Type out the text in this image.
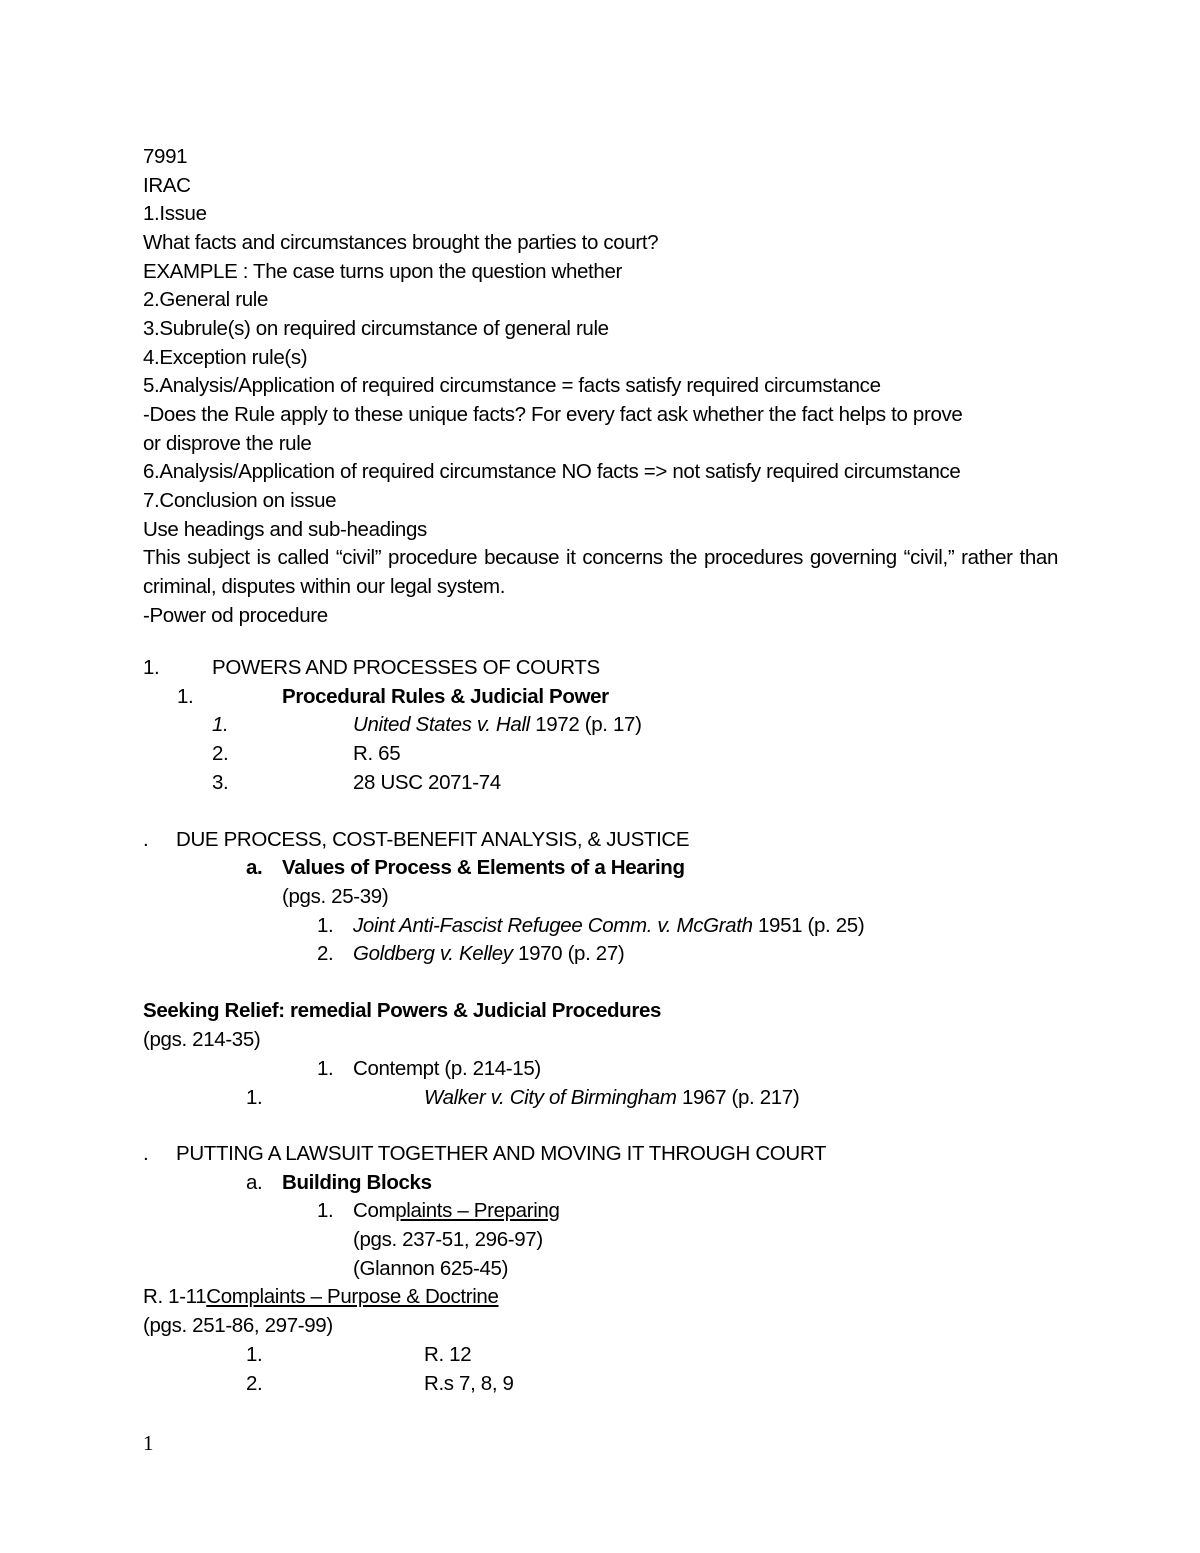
7991
IRAC
1.Issue
What facts and circumstances brought the parties to court?
EXAMPLE : The case turns upon the question whether
2.General rule
3.Subrule(s) on required circumstance of general rule
4.Exception rule(s)
5.Analysis/Application of required circumstance = facts satisfy required circumstance
-Does the Rule apply to these unique facts? For every fact ask whether the fact helps to prove
or disprove the rule
6.Analysis/Application of required circumstance NO facts => not satisfy required circumstance
7.Conclusion on issue
Use headings and sub-headings
This subject is called “civil” procedure because it concerns the procedures governing “civil,” rather than criminal, disputes within our legal system.
-Power od procedure
1.	POWERS AND PROCESSES OF COURTS
1.	Procedural Rules & Judicial Power
1.	United States v. Hall 1972 (p. 17)
2.	R. 65
3.	28 USC 2071-74
. DUE PROCESS, COST-BENEFIT ANALYSIS, & JUSTICE
a. Values of Process & Elements of a Hearing
(pgs. 25-39)
1. Joint Anti-Fascist Refugee Comm. v. McGrath 1951 (p. 25)
2. Goldberg v. Kelley 1970 (p. 27)
Seeking Relief: remedial Powers & Judicial Procedures
(pgs. 214-35)
1. Contempt (p. 214-15)
1.	Walker v. City of Birmingham 1967 (p. 217)
. PUTTING A LAWSUIT TOGETHER AND MOVING IT THROUGH COURT
a. Building Blocks
1. Complaints – Preparing
(pgs. 237-51, 296-97)
(Glannon 625-45)
R. 1-11Complaints – Purpose & Doctrine
(pgs. 251-86, 297-99)
1.	R. 12
2.	R.s 7, 8, 9
1
